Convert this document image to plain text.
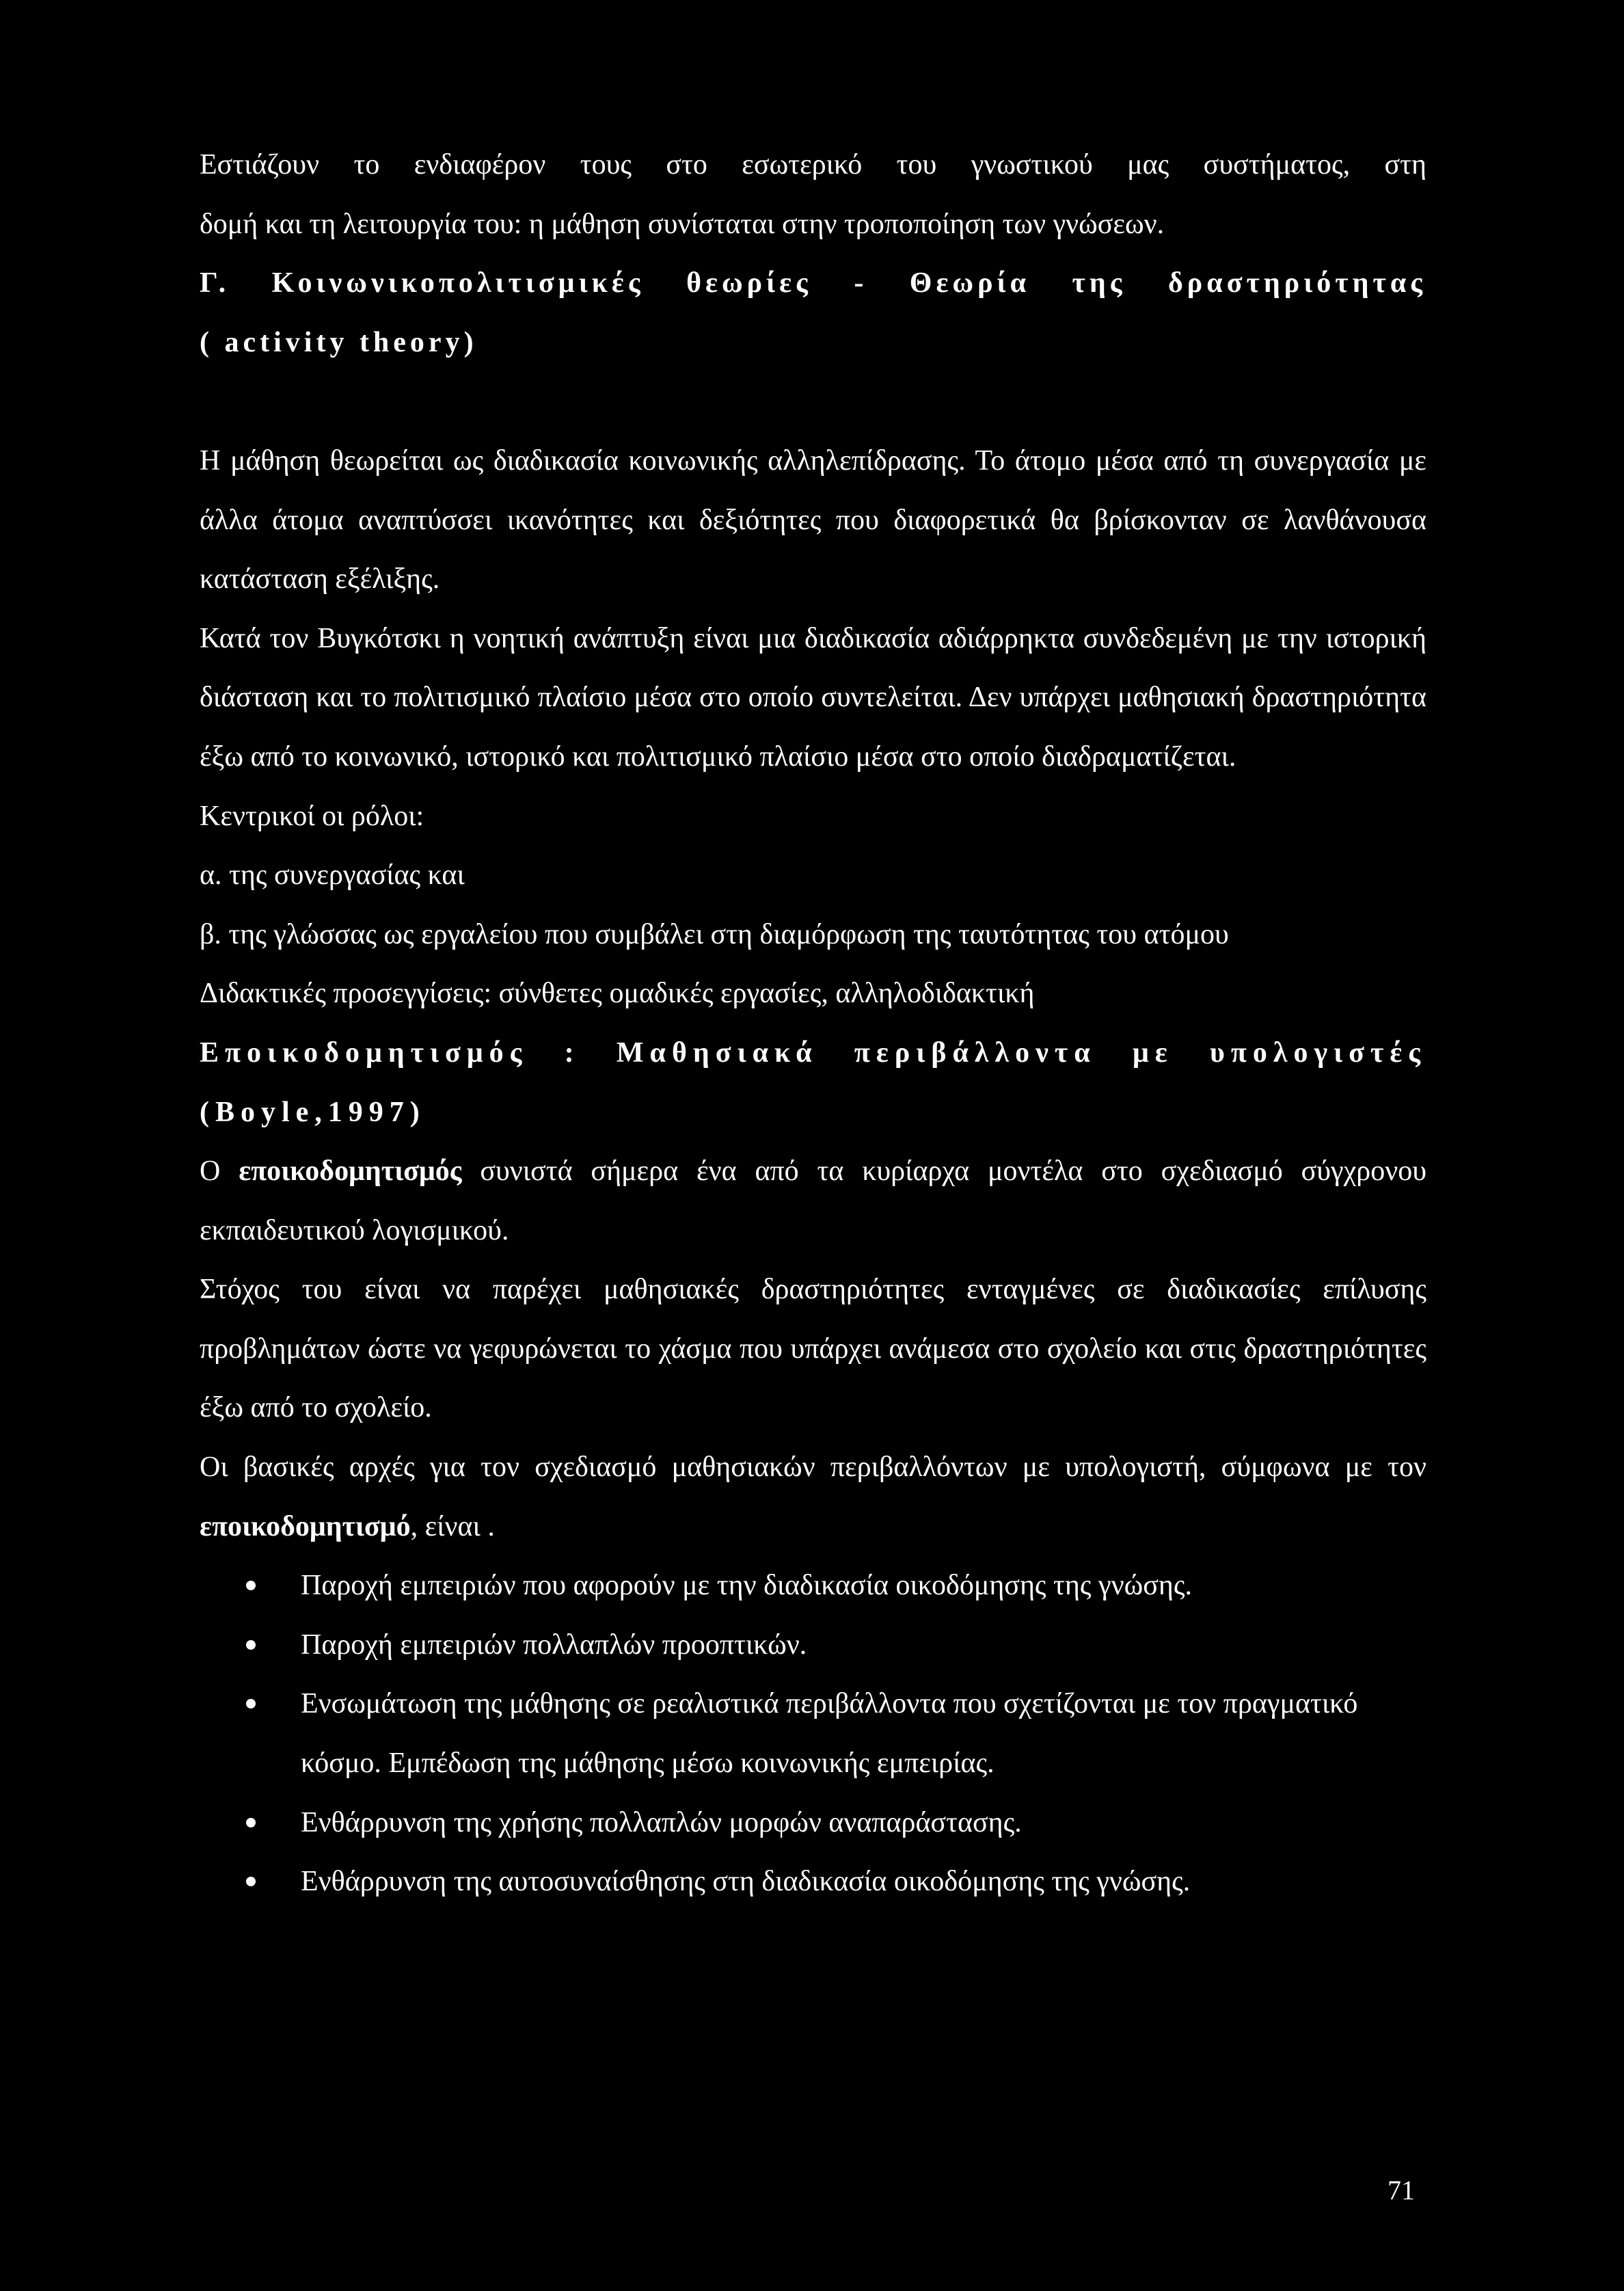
Εστιάζουν το ενδιαφέρον τους στο εσωτερικό του γνωστικού μας συστήματος, στη

δομή και τη λειτουργία του: η μάθηση συνίσταται στην τροποποίηση των γνώσεων.

Γ. Κοινωνικοπολιτισμικές θεωρίες - Θεωρία της δραστηριότητας

( activity theory)

Η μάθηση θεωρείται ως διαδικασία κοινωνικής αλληλεπίδρασης. Το άτομο μέσα από τη συνεργασία με άλλα άτομα αναπτύσσει ικανότητες και δεξιότητες που διαφορετικά θα βρίσκονταν σε λανθάνουσα κατάσταση εξέλιξης.

Κατά τον Βυγκότσκι η νοητική ανάπτυξη είναι μια διαδικασία αδιάρρηκτα συνδεδεμένη με την ιστορική διάσταση και το πολιτισμικό πλαίσιο μέσα στο οποίο συντελείται. Δεν υπάρχει μαθησιακή δραστηριότητα έξω από το κοινωνικό, ιστορικό και πολιτισμικό πλαίσιο μέσα στο οποίο διαδραματίζεται.

Κεντρικοί οι ρόλοι:

α. της συνεργασίας και

β. της γλώσσας ως εργαλείου που συμβάλει στη διαμόρφωση της ταυτότητας του ατόμου

Διδακτικές προσεγγίσεις: σύνθετες ομαδικές εργασίες, αλληλοδιδακτική

Εποικοδομητισμός : Μαθησιακά περιβάλλοντα με υπολογιστές

(Boyle,1997)

Ο εποικοδομητισμός συνιστά σήμερα ένα από τα κυρίαρχα μοντέλα στο σχεδιασμό σύγχρονου εκπαιδευτικού λογισμικού.

Στόχος του είναι να παρέχει μαθησιακές δραστηριότητες ενταγμένες σε διαδικασίες επίλυσης προβλημάτων ώστε να γεφυρώνεται το χάσμα που υπάρχει ανάμεσα στο σχολείο και στις δραστηριότητες έξω από το σχολείο.

Οι βασικές αρχές για τον σχεδιασμό μαθησιακών περιβαλλόντων με υπολογιστή, σύμφωνα με τον εποικοδομητισμό, είναι .

Παροχή εμπειριών που αφορούν με την διαδικασία οικοδόμησης της γνώσης.
Παροχή εμπειριών πολλαπλών προοπτικών.
Ενσωμάτωση της μάθησης σε ρεαλιστικά περιβάλλοντα που σχετίζονται με τον πραγματικό κόσμο. Εμπέδωση της μάθησης μέσω κοινωνικής εμπειρίας.
Ενθάρρυνση της χρήσης πολλαπλών μορφών αναπαράστασης.
Ενθάρρυνση της αυτοσυναίσθησης στη διαδικασία οικοδόμησης της γνώσης.
71
